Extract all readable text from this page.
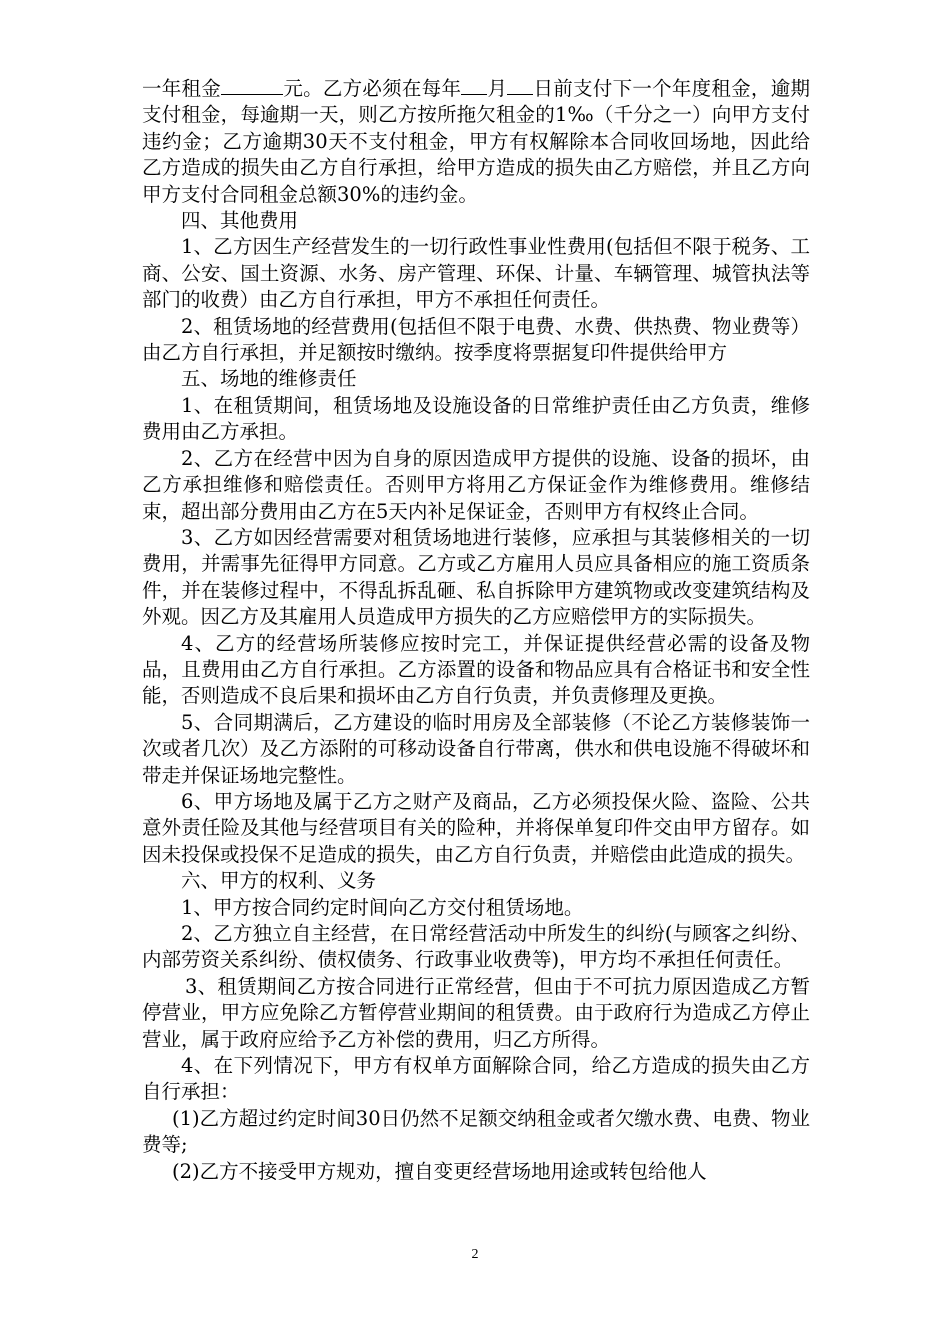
一年租金	元。乙方必须在每年 月 日前支付下一个年度租金，逾期支付租金，每逾期一天，则乙方按所拖欠租金的1‰（千分之一）向甲方支付违约金；乙方逾期30天不支付租金，甲方有权解除本合同收回场地，因此给乙方造成的损失由乙方自行承担，给甲方造成的损失由乙方赔偿，并且乙方向甲方支付合同租金总额30%的违约金。

四、其他费用

1、乙方因生产经营发生的一切行政性事业性费用(包括但不限于税务、工商、公安、国土资源、水务、房产管理、环保、计量、车辆管理、城管执法等部门的收费）由乙方自行承担，甲方不承担任何责任。

2、租赁场地的经营费用(包括但不限于电费、水费、供热费、物业费等）由乙方自行承担，并足额按时缴纳。按季度将票据复印件提供给甲方

五、场地的维修责任

1、在租赁期间，租赁场地及设施设备的日常维护责任由乙方负责，维修费用由乙方承担。

2、乙方在经营中因为自身的原因造成甲方提供的设施、设备的损坏，由乙方承担维修和赔偿责任。否则甲方将用乙方保证金作为维修费用。维修结束，超出部分费用由乙方在5天内补足保证金，否则甲方有权终止合同。

3、乙方如因经营需要对租赁场地进行装修，应承担与其装修相关的一切费用，并需事先征得甲方同意。乙方或乙方雇用人员应具备相应的施工资质条件，并在装修过程中，不得乱拆乱砸、私自拆除甲方建筑物或改变建筑结构及外观。因乙方及其雇用人员造成甲方损失的乙方应赔偿甲方的实际损失。

4、乙方的经营场所装修应按时完工，并保证提供经营必需的设备及物品，且费用由乙方自行承担。乙方添置的设备和物品应具有合格证书和安全性能，否则造成不良后果和损坏由乙方自行负责，并负责修理及更换。

5、合同期满后，乙方建设的临时用房及全部装修（不论乙方装修装饰一次或者几次）及乙方添附的可移动设备自行带离，供水和供电设施不得破坏和带走并保证场地完整性。

6、甲方场地及属于乙方之财产及商品，乙方必须投保火险、盗险、公共意外责任险及其他与经营项目有关的险种，并将保单复印件交由甲方留存。如因未投保或投保不足造成的损失，由乙方自行负责，并赔偿由此造成的损失。

六、甲方的权利、义务

1、甲方按合同约定时间向乙方交付租赁场地。

2、乙方独立自主经营，在日常经营活动中所发生的纠纷(与顾客之纠纷、内部劳资关系纠纷、债权债务、行政事业收费等)，甲方均不承担任何责任。

3、租赁期间乙方按合同进行正常经营，但由于不可抗力原因造成乙方暂停营业，甲方应免除乙方暂停营业期间的租赁费。由于政府行为造成乙方停止营业，属于政府应给予乙方补偿的费用，归乙方所得。

4、在下列情况下，甲方有权单方面解除合同，给乙方造成的损失由乙方自行承担：

(1)乙方超过约定时间30日仍然不足额交纳租金或者欠缴水费、电费、物业费等;

(2)乙方不接受甲方规劝，擅自变更经营场地用途或转包给他人

2
